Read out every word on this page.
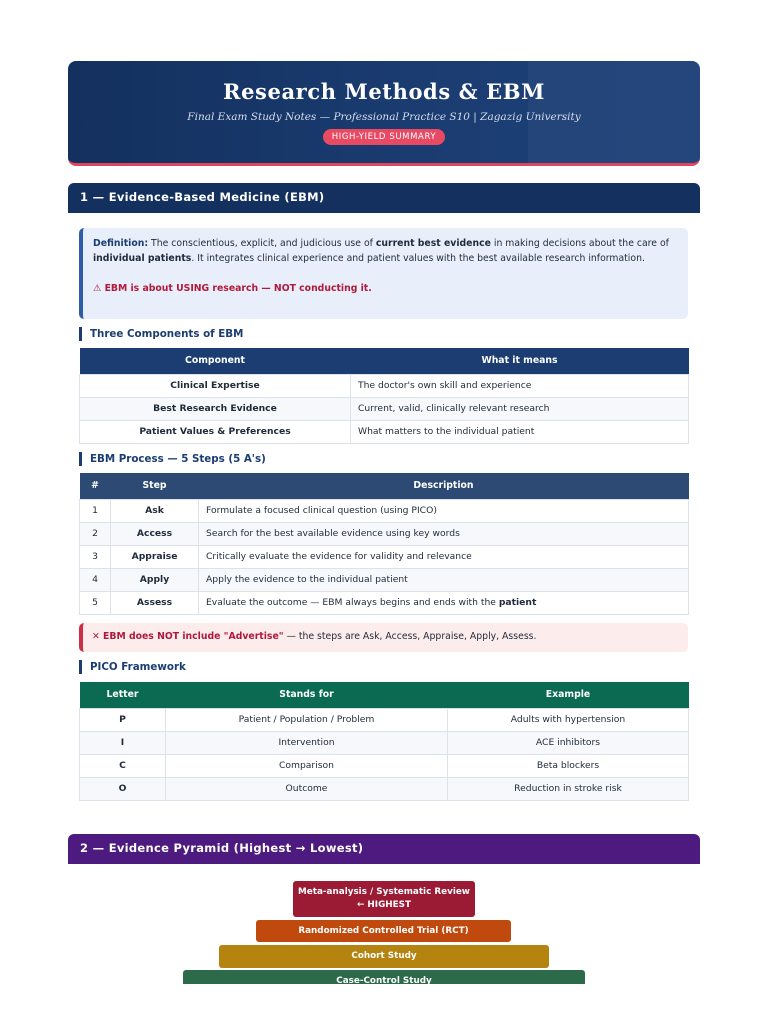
Research Methods & EBM
Final Exam Study Notes — Professional Practice S10 | Zagazig University
HIGH-YIELD SUMMARY
1 — Evidence-Based Medicine (EBM)
Definition: The conscientious, explicit, and judicious use of current best evidence in making decisions about the care of individual patients. It integrates clinical experience and patient values with the best available research information.
⚠ EBM is about USING research — NOT conducting it.
Three Components of EBM
Component	What it means
Clinical Expertise	The doctor's own skill and experience
Best Research Evidence	Current, valid, clinically relevant research
Patient Values & Preferences	What matters to the individual patient
EBM Process — 5 Steps (5 A's)
#	Step	Description
1	Ask	Formulate a focused clinical question (using PICO)
2	Access	Search for the best available evidence using key words
3	Appraise	Critically evaluate the evidence for validity and relevance
4	Apply	Apply the evidence to the individual patient
5	Assess	Evaluate the outcome — EBM always begins and ends with the patient
✕ EBM does NOT include "Advertise" — the steps are Ask, Access, Appraise, Apply, Assess.
PICO Framework
Letter	Stands for	Example
P	Patient / Population / Problem	Adults with hypertension
I	Intervention	ACE inhibitors
C	Comparison	Beta blockers
O	Outcome	Reduction in stroke risk
2 — Evidence Pyramid (Highest → Lowest)
Meta-analysis / Systematic Review ← HIGHEST
Randomized Controlled Trial (RCT)
Cohort Study
Case-Control Study
